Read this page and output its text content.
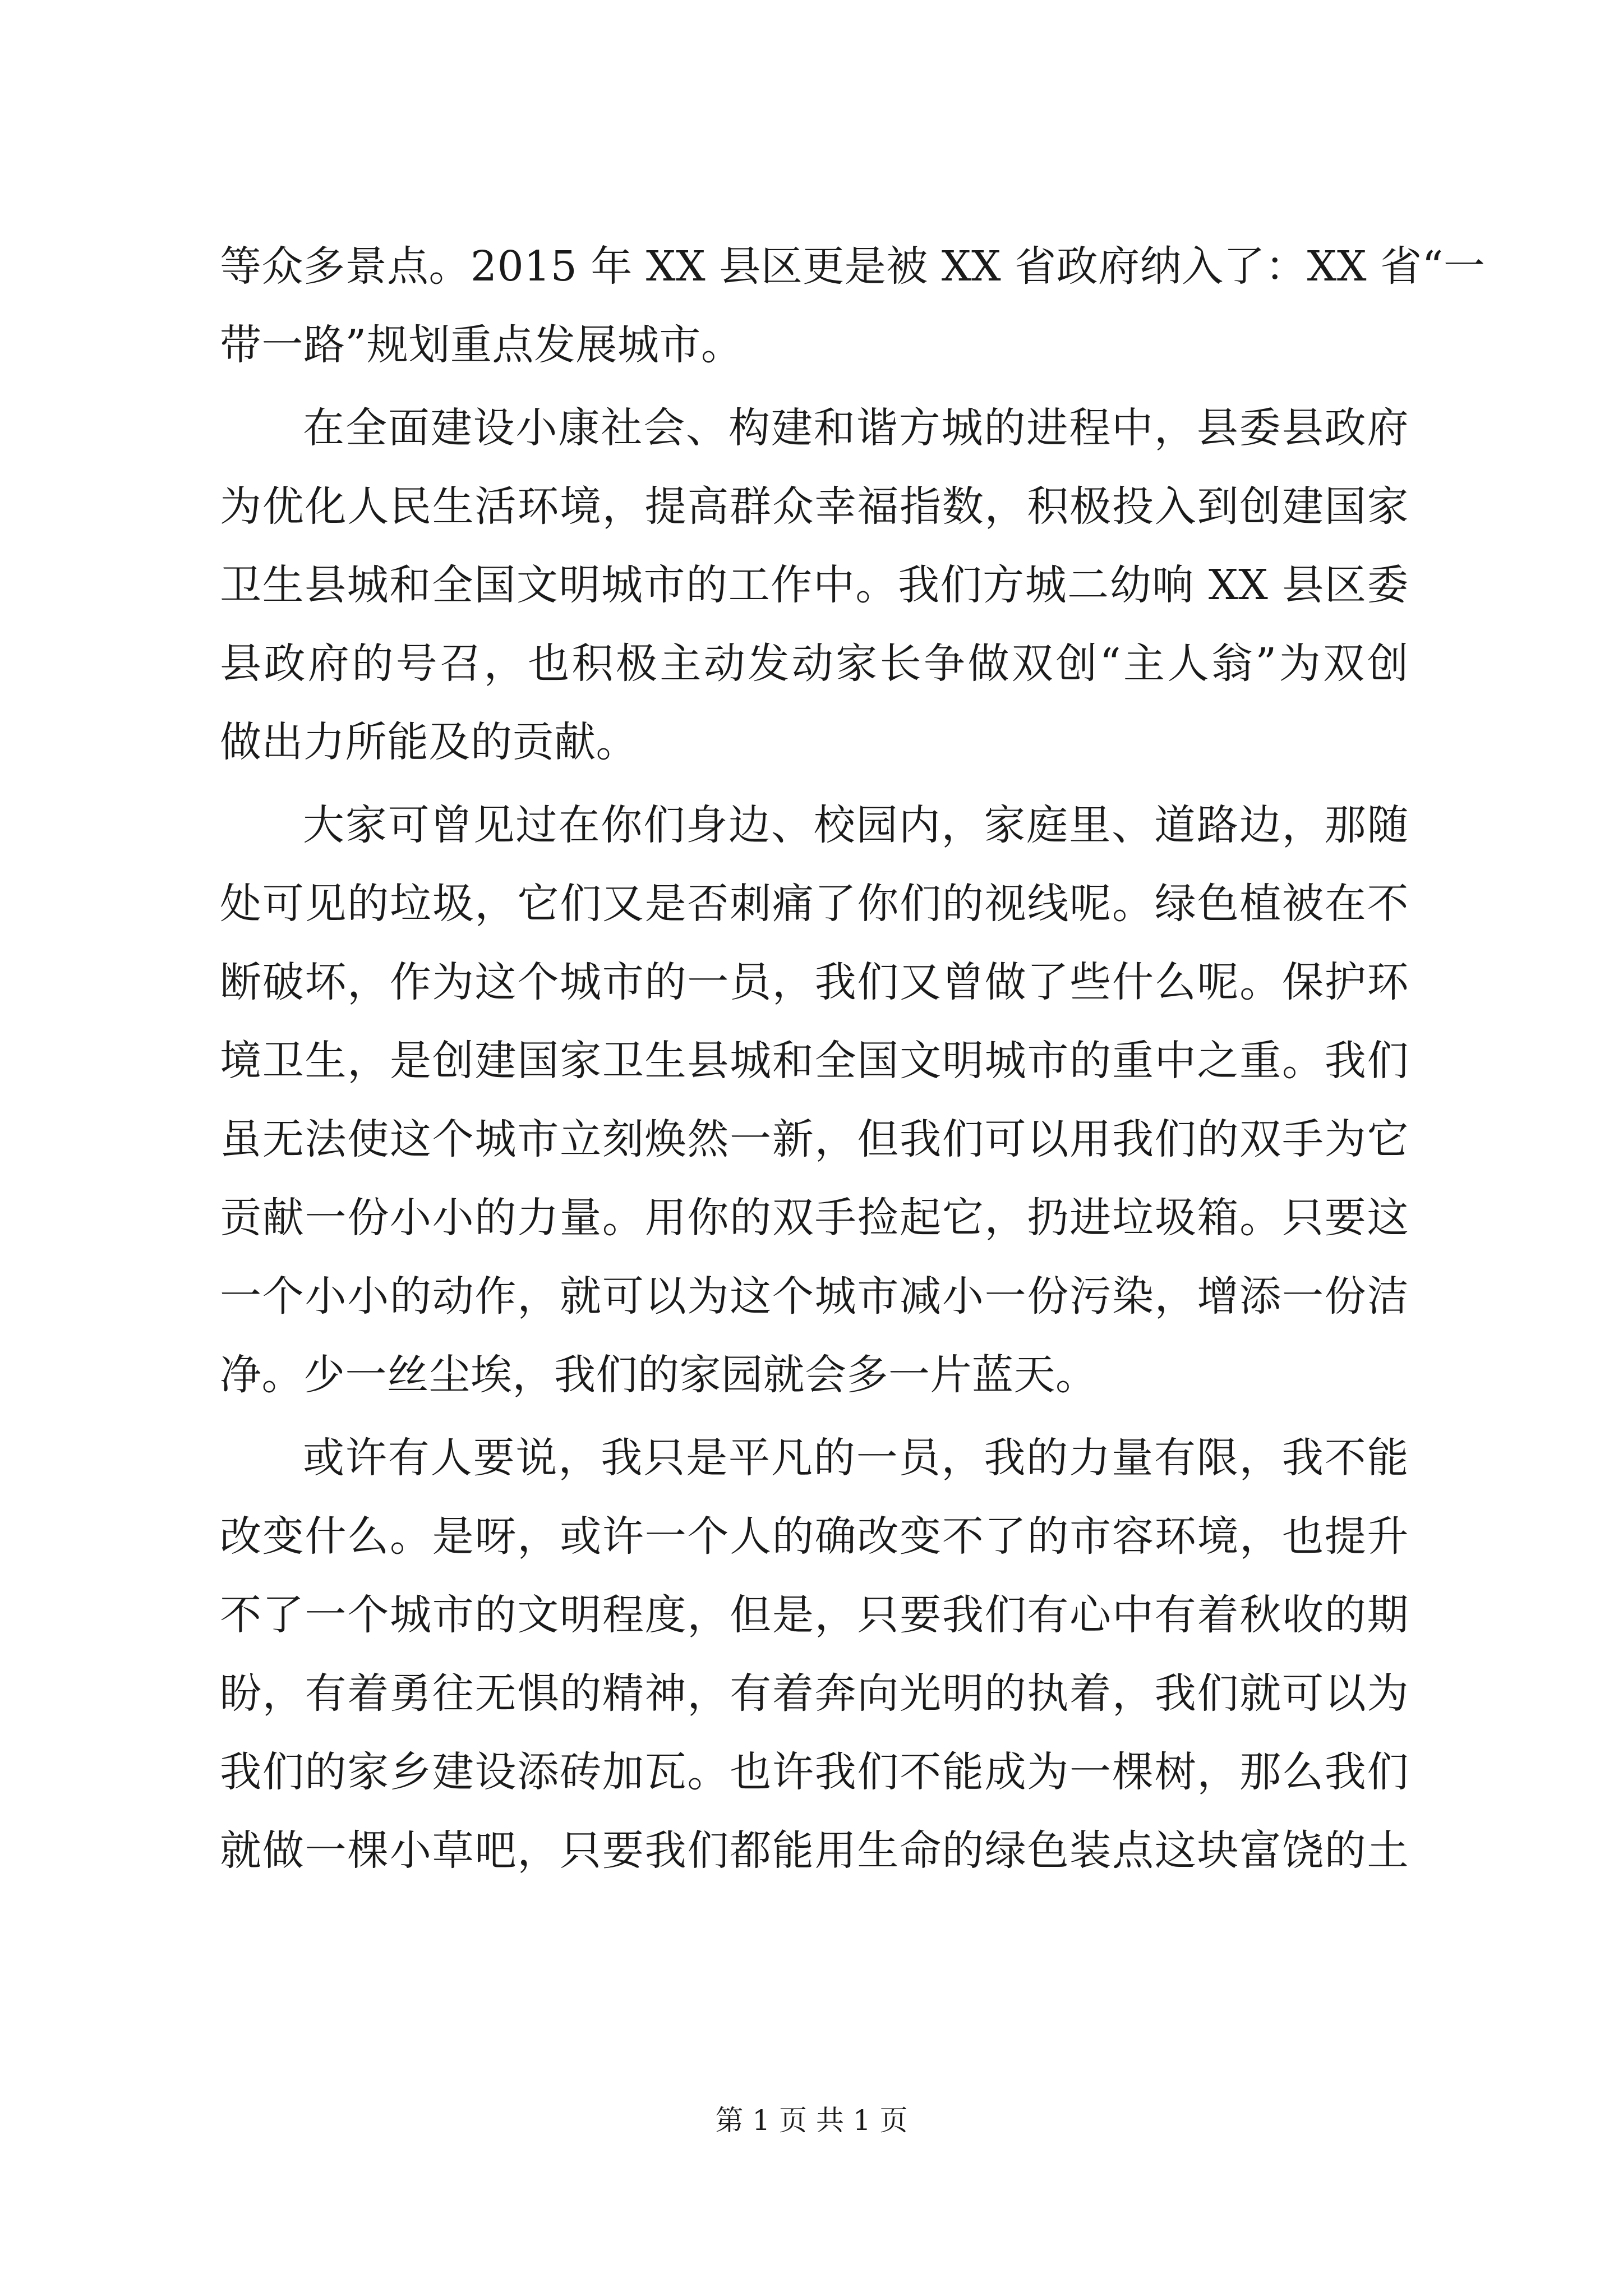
等众多景点。2015 年 XX 县区更是被 XX 省政府纳入了：XX 省“一
带一路”规划重点发展城市。
在全面建设小康社会、构建和谐方城的进程中，县委县政府
为优化人民生活环境，提高群众幸福指数，积极投入到创建国家
卫生县城和全国文明城市的工作中。我们方城二幼响 XX 县区委
县政府的号召，也积极主动发动家长争做双创“主人翁”为双创
做出力所能及的贡献。
大家可曾见过在你们身边、校园内，家庭里、道路边，那随
处可见的垃圾，它们又是否刺痛了你们的视线呢。绿色植被在不
断破坏，作为这个城市的一员，我们又曾做了些什么呢。保护环
境卫生，是创建国家卫生县城和全国文明城市的重中之重。我们
虽无法使这个城市立刻焕然一新，但我们可以用我们的双手为它
贡献一份小小的力量。用你的双手捡起它，扔进垃圾箱。只要这
一个小小的动作，就可以为这个城市减小一份污染，增添一份洁
净。少一丝尘埃，我们的家园就会多一片蓝天。
或许有人要说，我只是平凡的一员，我的力量有限，我不能
改变什么。是呀，或许一个人的确改变不了的市容环境，也提升
不了一个城市的文明程度，但是，只要我们有心中有着秋收的期
盼，有着勇往无惧的精神，有着奔向光明的执着，我们就可以为
我们的家乡建设添砖加瓦。也许我们不能成为一棵树，那么我们
就做一棵小草吧，只要我们都能用生命的绿色装点这块富饶的土
第 1 页 共 1 页
